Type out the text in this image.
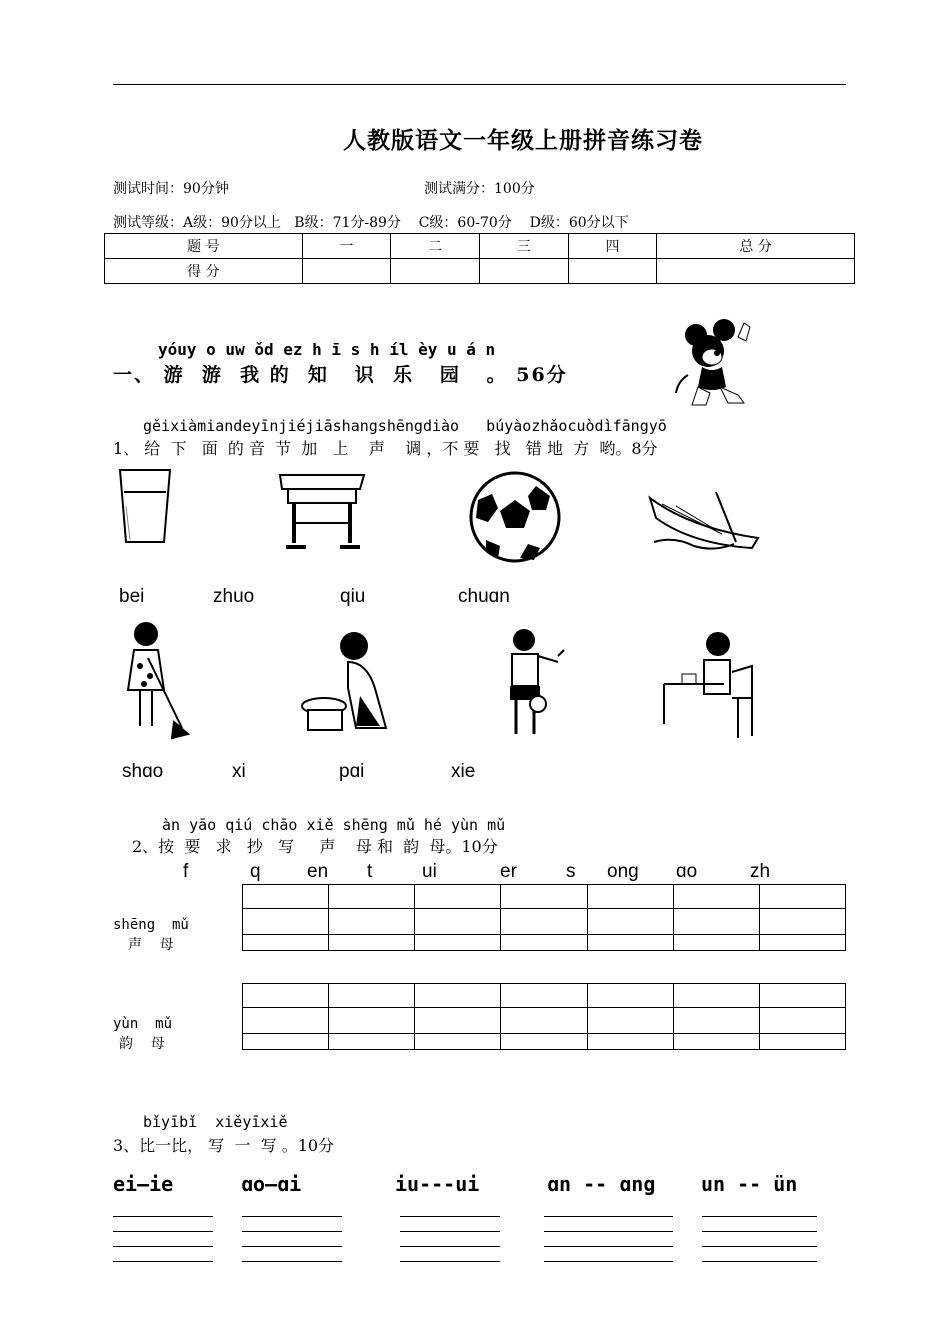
人教版语文一年级上册拼音练习卷
测试时间：90分钟	测试满分：100分
测试等级：A级：90分以上   B级：71分-89分    C级：60-70分    D级：60分以下
题 号	一	二	三	四	总 分
得 分					
yóuy o uw ǒd ez h ī s h íl èy u á n
一、 游  游  我 的  知   识  乐   园   。 56分
gěixiàmiandeyīnjiéjiāshangshēngdiào   búyàozhǎocuòdìfāngyō
1、 给  下   面  的 音  节  加   上    声    调 ，不 要   找   错 地  方  哟。8分
bei	zhuo	qiu	chuɑn
shɑo	xi	pɑi	xie
àn yāo qiú chāo xiě shēng mǔ hé yùn mǔ
2、按  要   求   抄   写     声    母 和  韵  母。10分
f	q en t	ui	er	s ong ɑo	zh

shēng  mǔ
声    母

yùn  mǔ
韵    母
bǐyībǐ  xiěyīxiě
3、比一比， 写  一  写 。10分
ei—ie	ɑo—ɑi	iu---ui	ɑn -- ɑng un -- ün
